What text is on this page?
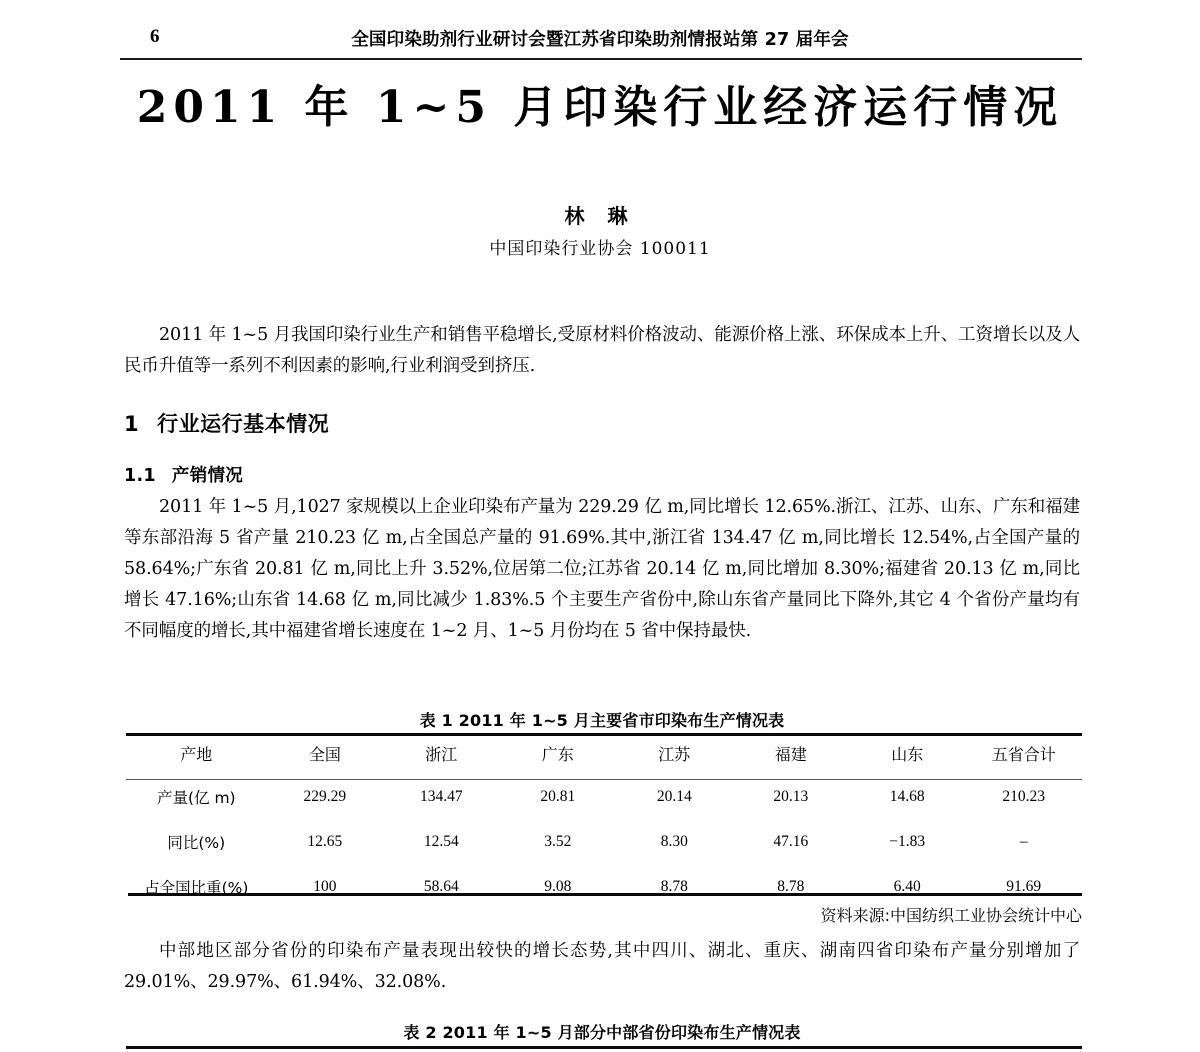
6	全国印染助剂行业研讨会暨江苏省印染助剂情报站第 27 届年会
2011 年 1~5 月印染行业经济运行情况
林 琳
中国印染行业协会 100011
2011 年 1~5 月我国印染行业生产和销售平稳增长,受原材料价格波动、能源价格上涨、环保成本上升、工资增长以及人民币升值等一系列不利因素的影响,行业利润受到挤压.
1 行业运行基本情况
1.1 产销情况
2011 年 1~5 月,1027 家规模以上企业印染布产量为 229.29 亿 m,同比增长 12.65%.浙江、江苏、山东、广东和福建等东部沿海 5 省产量 210.23 亿 m,占全国总产量的 91.69%.其中,浙江省 134.47 亿 m,同比增长 12.54%,占全国产量的 58.64%;广东省 20.81 亿 m,同比上升 3.52%,位居第二位;江苏省 20.14 亿 m,同比增加 8.30%;福建省 20.13 亿 m,同比增长 47.16%;山东省 14.68 亿 m,同比减少 1.83%.5 个主要生产省份中,除山东省产量同比下降外,其它 4 个省份产量均有不同幅度的增长,其中福建省增长速度在 1~2 月、1~5 月份均在 5 省中保持最快.
表 1 2011 年 1~5 月主要省市印染布生产情况表
产地	全国	浙江	广东	江苏	福建	山东	五省合计
产量(亿 m)	229.29	134.47	20.81	20.14	20.13	14.68	210.23
同比(%)	12.65	12.54	3.52	8.30	47.16	−1.83	–
占全国比重(%)	100	58.64	9.08	8.78	8.78	6.40	91.69
资料来源:中国纺织工业协会统计中心
中部地区部分省份的印染布产量表现出较快的增长态势,其中四川、湖北、重庆、湖南四省印染布产量分别增加了 29.01%、29.97%、61.94%、32.08%.
表 2 2011 年 1~5 月部分中部省份印染布生产情况表
